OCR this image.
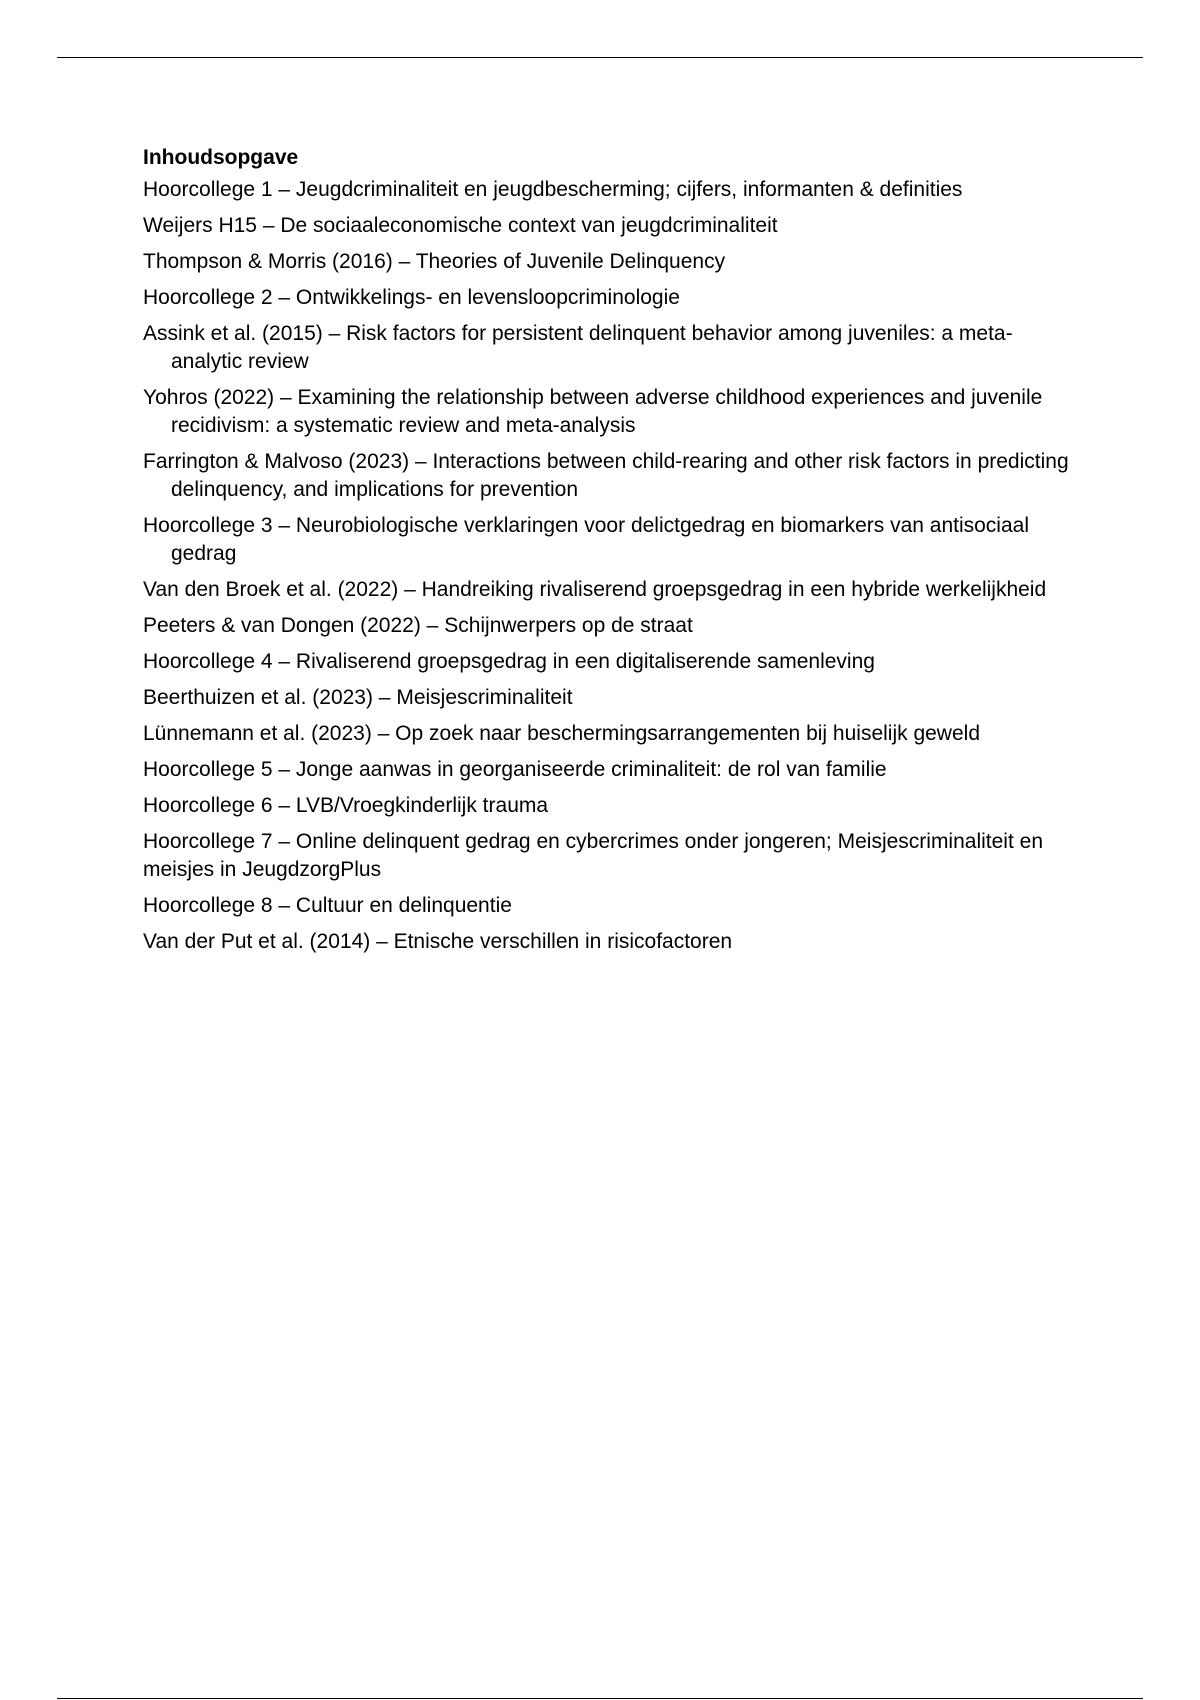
Inhoudsopgave
Hoorcollege 1 – Jeugdcriminaliteit en jeugdbescherming; cijfers, informanten & definities
Weijers H15 – De sociaaleconomische context van jeugdcriminaliteit
Thompson & Morris (2016) – Theories of Juvenile Delinquency
Hoorcollege 2 – Ontwikkelings- en levensloopcriminologie
Assink et al. (2015) – Risk factors for persistent delinquent behavior among juveniles: a meta-analytic review
Yohros (2022) – Examining the relationship between adverse childhood experiences and juvenile recidivism: a systematic review and meta-analysis
Farrington & Malvoso (2023) – Interactions between child-rearing and other risk factors in predicting delinquency, and implications for prevention
Hoorcollege 3 – Neurobiologische verklaringen voor delictgedrag en biomarkers van antisociaal gedrag
Van den Broek et al. (2022) – Handreiking rivaliserend groepsgedrag in een hybride werkelijkheid
Peeters & van Dongen (2022) – Schijnwerpers op de straat
Hoorcollege 4 – Rivaliserend groepsgedrag in een digitaliserende samenleving
Beerthuizen et al. (2023) – Meisjescriminaliteit
Lünnemann et al. (2023) – Op zoek naar beschermingsarrangementen bij huiselijk geweld
Hoorcollege 5 – Jonge aanwas in georganiseerde criminaliteit: de rol van familie
Hoorcollege 6 – LVB/Vroegkinderlijk trauma
Hoorcollege 7 – Online delinquent gedrag en cybercrimes onder jongeren; Meisjescriminaliteit en meisjes in JeugdzorgPlus
Hoorcollege 8 – Cultuur en delinquentie
Van der Put et al. (2014) – Etnische verschillen in risicofactoren
